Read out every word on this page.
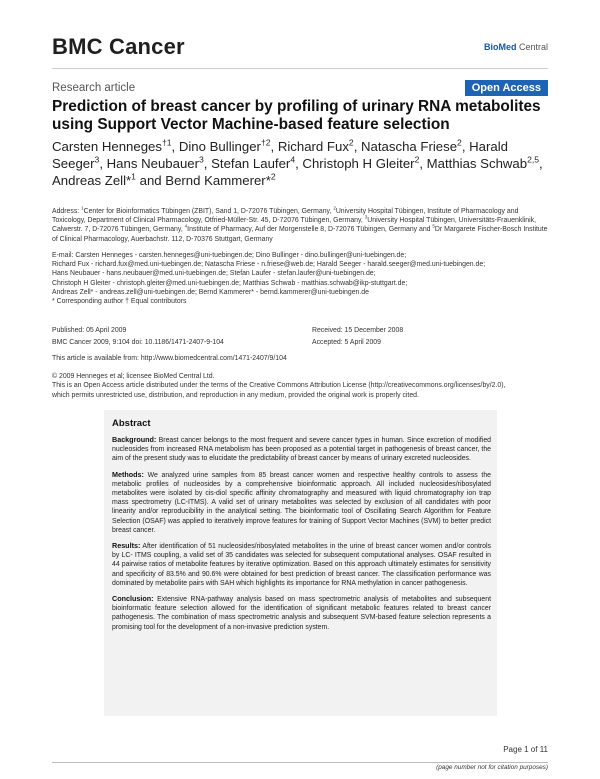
BMC Cancer	BioMed Central
Research article	Open Access
Prediction of breast cancer by profiling of urinary RNA metabolites using Support Vector Machine-based feature selection
Carsten Henneges$^{\dagger 1}$, Dino Bullinger$^{\dagger 2}$, Richard Fux$^2$, Natascha Friese$^2$, Harald Seeger$^3$, Hans Neubauer$^3$, Stefan Laufer$^4$, Christoph H Gleiter$^2$, Matthias Schwab$^{2,5}$, Andreas Zell*$^1$ and Bernd Kammerer*$^2$
Address: $^1$Center for Bioinformatics Tübingen (ZBIT), Sand 1, D-72076 Tübingen, Germany, $^2$University Hospital Tübingen, Institute of Pharmacology and Toxicology, Department of Clinical Pharmacology, Otfried-Müller-Str. 45, D-72076 Tübingen, Germany, $^3$University Hospital Tübingen, Universitäts-Frauenklinik, Calwerstr. 7, D-72076 Tübingen, Germany, $^4$Institute of Pharmacy, Auf der Morgenstelle 8, D-72076 Tübingen, Germany and $^5$Dr Margarete Fischer-Bosch Institute of Clinical Pharmacology, Auerbachstr. 112, D-70376 Stuttgart, Germany
E-mail: Carsten Henneges - carsten.henneges@uni-tuebingen.de; Dino Bullinger - dino.bullinger@uni-tuebingen.de;
Richard Fux - richard.fux@med.uni-tuebingen.de; Natascha Friese - n.friese@web.de; Harald Seeger - harald.seeger@med.uni-tuebingen.de;
Hans Neubauer - hans.neubauer@med.uni-tuebingen.de; Stefan Laufer - stefan.laufer@uni-tuebingen.de;
Christoph H Gleiter - christoph.gleiter@med.uni-tuebingen.de; Matthias Schwab - matthias.schwab@ikp-stuttgart.de;
Andreas Zell* - andreas.zell@uni-tuebingen.de; Bernd Kammerer* - bernd.kammerer@uni-tuebingen.de
* Corresponding author † Equal contributors
Published: 05 April 2009
BMC Cancer 2009, 9:104 doi: 10.1186/1471-2407-9-104
Received: 15 December 2008
Accepted: 5 April 2009
This article is available from: http://www.biomedcentral.com/1471-2407/9/104
© 2009 Henneges et al; licensee BioMed Central Ltd.
This is an Open Access article distributed under the terms of the Creative Commons Attribution License (http://creativecommons.org/licenses/by/2.0),
which permits unrestricted use, distribution, and reproduction in any medium, provided the original work is properly cited.
Abstract

Background: Breast cancer belongs to the most frequent and severe cancer types in human. Since excretion of modified nucleosides from increased RNA metabolism has been proposed as a potential target in pathogenesis of breast cancer, the aim of the present study was to elucidate the predictability of breast cancer by means of urinary excreted nucleosides.

Methods: We analyzed urine samples from 85 breast cancer women and respective healthy controls to assess the metabolic profiles of nucleosides by a comprehensive bioinformatic approach. All included nucleosides/ribosylated metabolites were isolated by cis-diol specific affinity chromatography and measured with liquid chromatography ion trap mass spectrometry (LC-ITMS). A valid set of urinary metabolites was selected by exclusion of all candidates with poor linearity and/or reproducibility in the analytical setting. The bioinformatic tool of Oscillating Search Algorithm for Feature Selection (OSAF) was applied to iteratively improve features for training of Support Vector Machines (SVM) to better predict breast cancer.

Results: After identification of 51 nucleosides/ribosylated metabolites in the urine of breast cancer women and/or controls by LC- ITMS coupling, a valid set of 35 candidates was selected for subsequent computational analyses. OSAF resulted in 44 pairwise ratios of metabolite features by iterative optimization. Based on this approach ultimately estimates for sensitivity and specificity of 83.5% and 90.6% were obtained for best prediction of breast cancer. The classification performance was dominated by metabolite pairs with SAH which highlights its importance for RNA methylation in cancer pathogenesis.

Conclusion: Extensive RNA-pathway analysis based on mass spectrometric analysis of metabolites and subsequent bioinformatic feature selection allowed for the identification of significant metabolic features related to breast cancer pathogenesis. The combination of mass spectrometric analysis and subsequent SVM-based feature selection represents a promising tool for the development of a non-invasive prediction system.

Page 1 of 11
(page number not for citation purposes)
